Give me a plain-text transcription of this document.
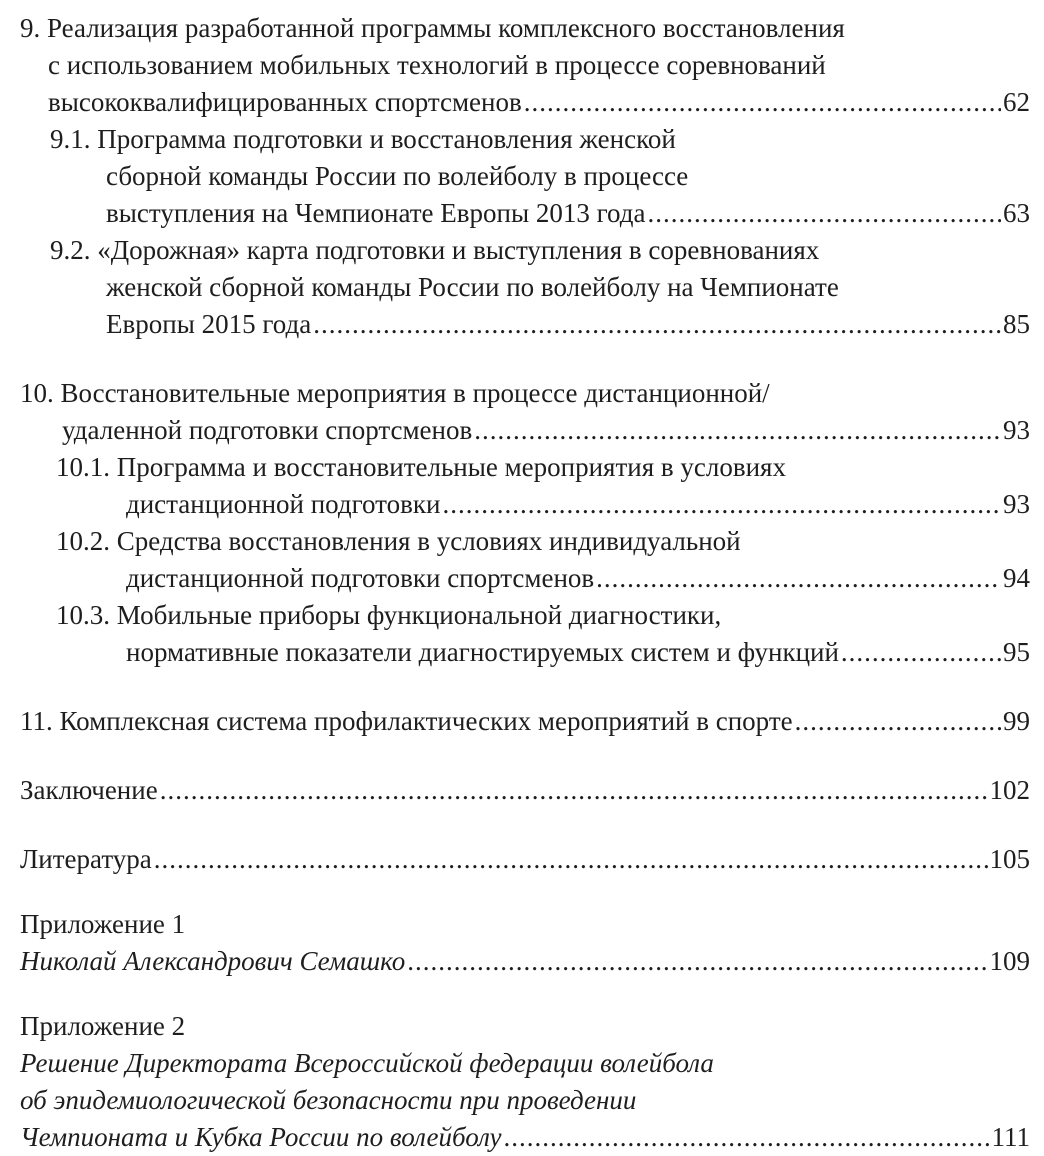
9. Реализация разработанной программы комплексного восстановления
с использованием мобильных технологий в процессе соревнований
высококвалифицированных спортсменов .....	62
9.1. Программа подготовки и восстановления женской
сборной команды России по волейболу в процессе
выступления на Чемпионате Европы 2013 года .....	63
9.2. «Дорожная» карта подготовки и выступления в соревнованиях
женской сборной команды России по волейболу на Чемпионате
Европы 2015 года .....	85
10. Восстановительные мероприятия в процессе дистанционной/
удаленной подготовки спортсменов .....	93
10.1. Программа и восстановительные мероприятия в условиях
дистанционной подготовки .....	93
10.2. Средства восстановления в условиях индивидуальной
дистанционной подготовки спортсменов .....	94
10.3. Мобильные приборы функциональной диагностики,
нормативные показатели диагностируемых систем и функций .....	95
11. Комплексная система профилактических мероприятий в спорте .....	99
Заключение .....	102
Литература .....	105
Приложение 1
Николай Александрович Семашко .....	109
Приложение 2
Решение Директората Всероссийской федерации волейбола
об эпидемиологической безопасности при проведении
Чемпионата и Кубка России по волейболу .....	111
